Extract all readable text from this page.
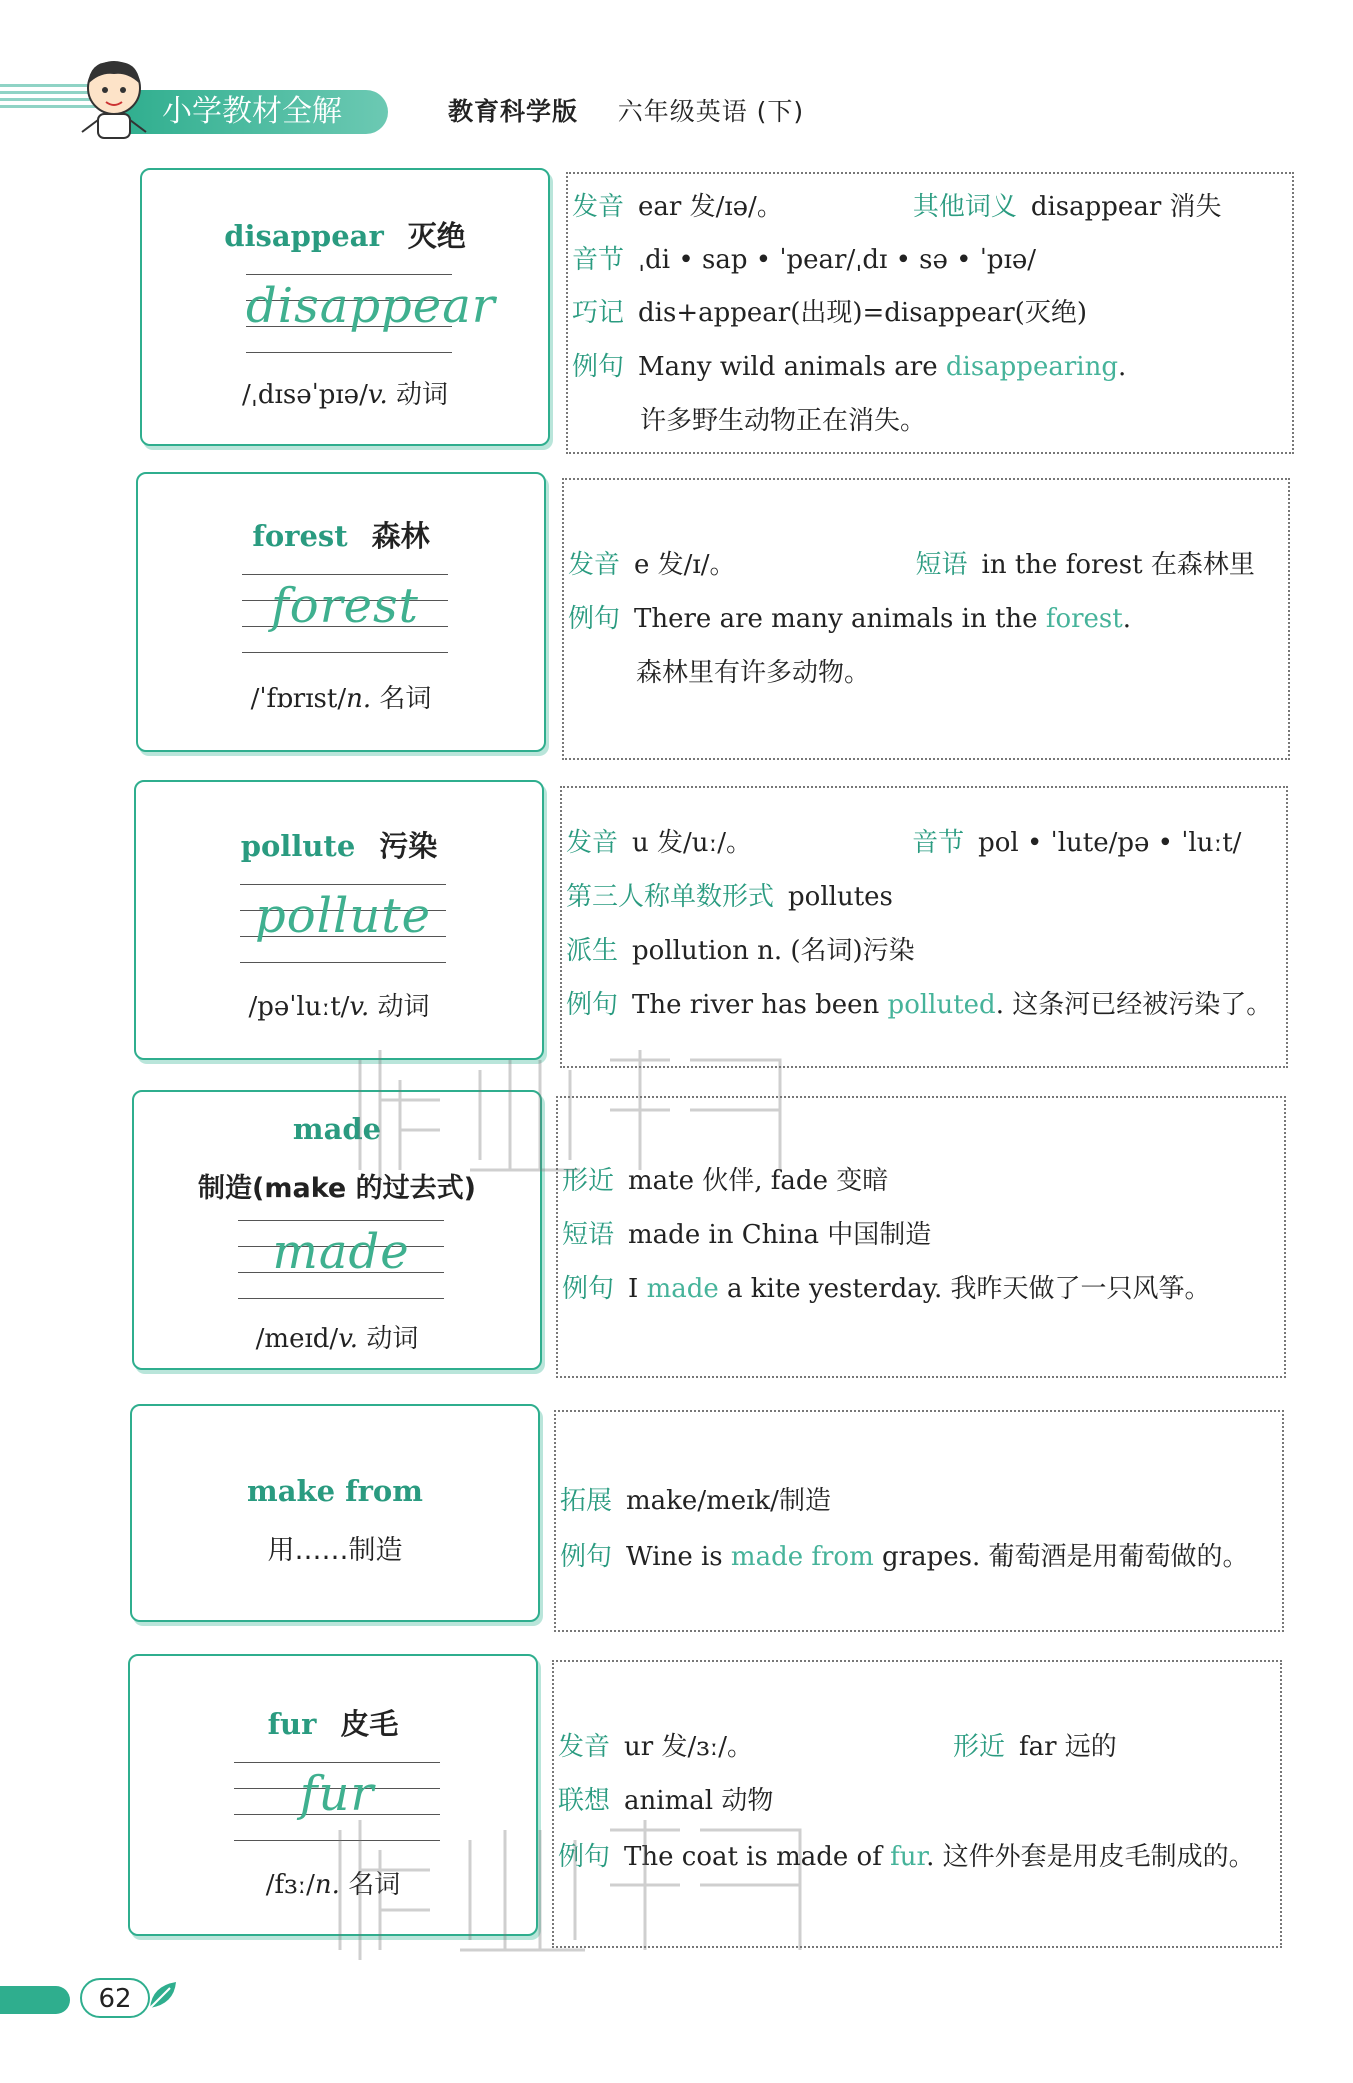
小学教材全解	教育科学版 六年级英语 (下)
disappear 灭绝
disappear
/ˌdɪsəˈpɪə/v. 动词
发音 ear 发/ɪə/。	其他词义 disappear 消失
音节 ˌdi • sap • ˈpear/ˌdɪ • sə • ˈpɪə/
巧记 dis+appear(出现)=disappear(灭绝)
例句 Many wild animals are disappearing.
许多野生动物正在消失。
forest 森林
forest
/ˈfɒrɪst/n. 名词
发音 e 发/ɪ/。	短语 in the forest 在森林里
例句 There are many animals in the forest.
森林里有许多动物。
pollute 污染
pollute
/pəˈluːt/v. 动词
发音 u 发/uː/。	音节 pol • ˈlute/pə • ˈluːt/
第三人称单数形式 pollutes
派生 pollution n. (名词)污染
例句 The river has been polluted. 这条河已经被污染了。
made
制造(make 的过去式)
made
/meɪd/v. 动词
形近 mate 伙伴, fade 变暗
短语 made in China 中国制造
例句 I made a kite yesterday. 我昨天做了一只风筝。
make from
用……制造
拓展 make/meɪk/制造
例句 Wine is made from grapes. 葡萄酒是用葡萄做的。
fur 皮毛
fur
/fɜː/n. 名词
发音 ur 发/ɜː/。	形近 far 远的
联想 animal 动物
例句 The coat is made of fur. 这件外套是用皮毛制成的。
62
